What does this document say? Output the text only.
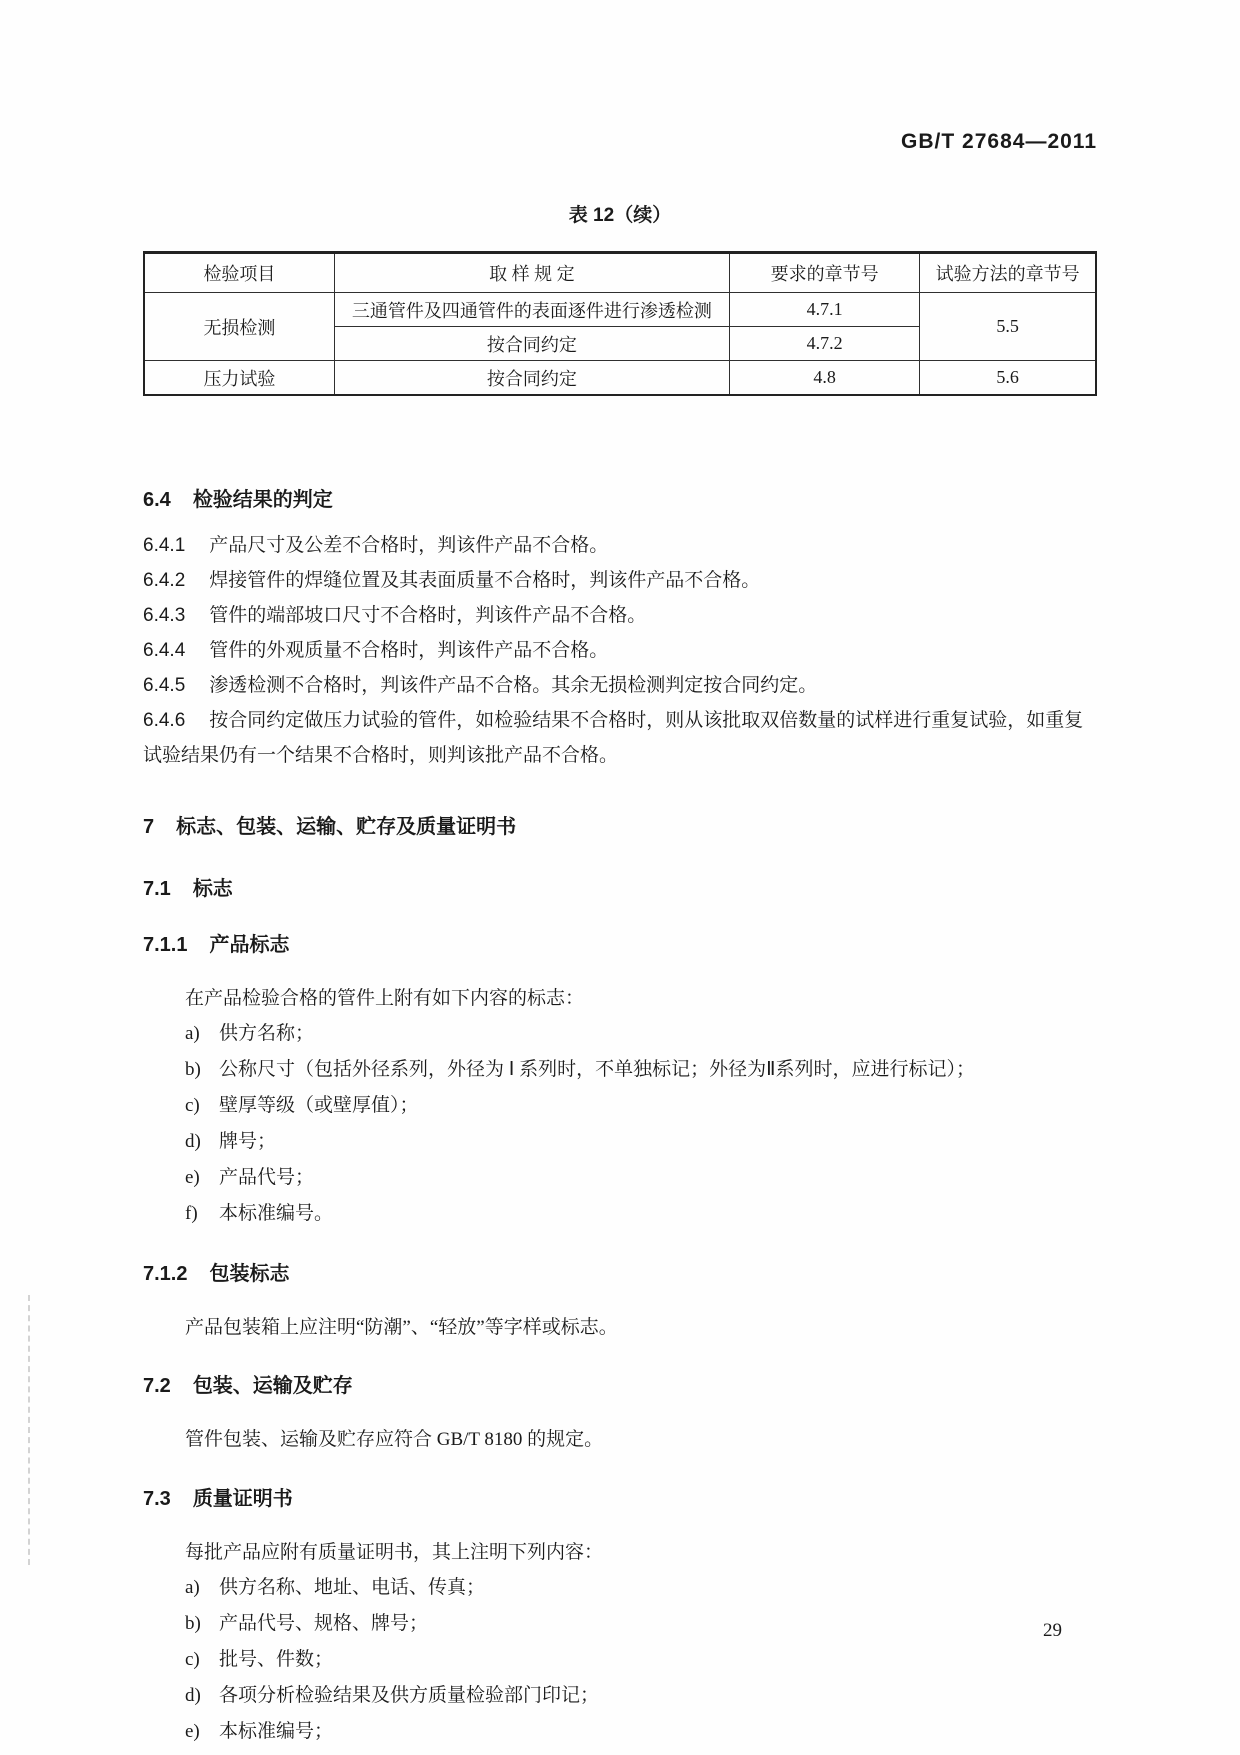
GB/T 27684—2011
表 12（续）
检验项目	取 样 规 定	要求的章节号	试验方法的章节号
无损检测	三通管件及四通管件的表面逐件进行渗透检测	4.7.1	5.5
	按合同约定	4.7.2	
压力试验	按合同约定	4.8	5.6
6.4 检验结果的判定
6.4.1 产品尺寸及公差不合格时，判该件产品不合格。
6.4.2 焊接管件的焊缝位置及其表面质量不合格时，判该件产品不合格。
6.4.3 管件的端部坡口尺寸不合格时，判该件产品不合格。
6.4.4 管件的外观质量不合格时，判该件产品不合格。
6.4.5 渗透检测不合格时，判该件产品不合格。其余无损检测判定按合同约定。
6.4.6 按合同约定做压力试验的管件，如检验结果不合格时，则从该批取双倍数量的试样进行重复试验，如重复试验结果仍有一个结果不合格时，则判该批产品不合格。
7 标志、包装、运输、贮存及质量证明书
7.1 标志
7.1.1 产品标志
在产品检验合格的管件上附有如下内容的标志：
a) 供方名称；
b) 公称尺寸（包括外径系列，外径为 Ⅰ 系列时，不单独标记；外径为Ⅱ系列时，应进行标记）；
c) 壁厚等级（或壁厚值）；
d) 牌号；
e) 产品代号；
f) 本标准编号。
7.1.2 包装标志
产品包装箱上应注明“防潮”、“轻放”等字样或标志。
7.2 包装、运输及贮存
管件包装、运输及贮存应符合 GB/T 8180 的规定。
7.3 质量证明书
每批产品应附有质量证明书，其上注明下列内容：
a) 供方名称、地址、电话、传真；
b) 产品代号、规格、牌号；
c) 批号、件数；
d) 各项分析检验结果及供方质量检验部门印记；
e) 本标准编号；
29
